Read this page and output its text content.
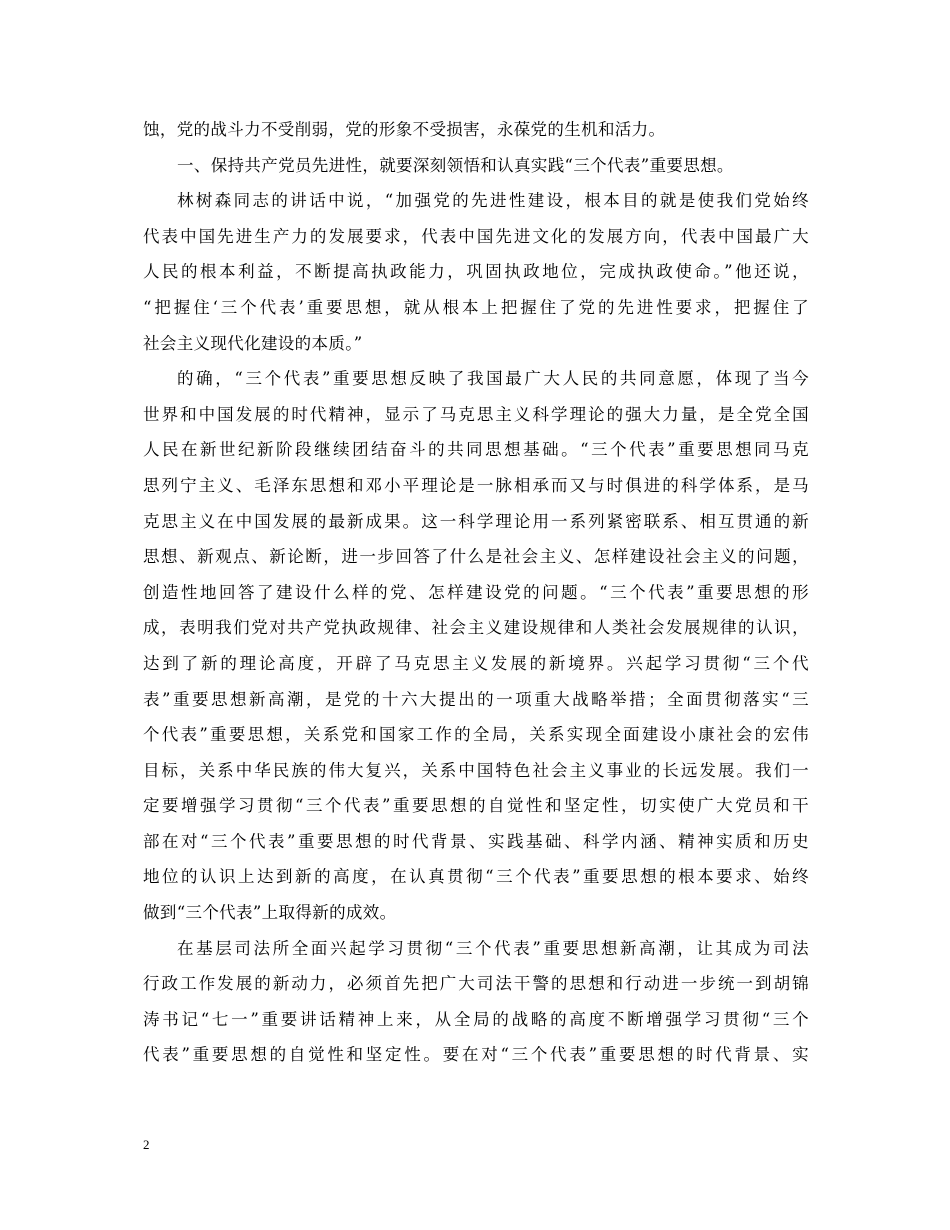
蚀，党的战斗力不受削弱，党的形象不受损害，永葆党的生机和活力。
一、保持共产党员先进性，就要深刻领悟和认真实践“三个代表”重要思想。
林树森同志的讲话中说，“加强党的先进性建设，根本目的就是使我们党始终
代表中国先进生产力的发展要求，代表中国先进文化的发展方向，代表中国最广大
人民的根本利益，不断提高执政能力，巩固执政地位，完成执政使命。”他还说，
“把握住‘三个代表’重要思想，就从根本上把握住了党的先进性要求，把握住了
社会主义现代化建设的本质。”
的确，“三个代表”重要思想反映了我国最广大人民的共同意愿，体现了当今
世界和中国发展的时代精神，显示了马克思主义科学理论的强大力量，是全党全国
人民在新世纪新阶段继续团结奋斗的共同思想基础。“三个代表”重要思想同马克
思列宁主义、毛泽东思想和邓小平理论是一脉相承而又与时俱进的科学体系，是马
克思主义在中国发展的最新成果。这一科学理论用一系列紧密联系、相互贯通的新
思想、新观点、新论断，进一步回答了什么是社会主义、怎样建设社会主义的问题，
创造性地回答了建设什么样的党、怎样建设党的问题。“三个代表”重要思想的形
成，表明我们党对共产党执政规律、社会主义建设规律和人类社会发展规律的认识，
达到了新的理论高度，开辟了马克思主义发展的新境界。兴起学习贯彻“三个代
表”重要思想新高潮，是党的十六大提出的一项重大战略举措；全面贯彻落实“三
个代表”重要思想，关系党和国家工作的全局，关系实现全面建设小康社会的宏伟
目标，关系中华民族的伟大复兴，关系中国特色社会主义事业的长远发展。我们一
定要增强学习贯彻“三个代表”重要思想的自觉性和坚定性，切实使广大党员和干
部在对“三个代表”重要思想的时代背景、实践基础、科学内涵、精神实质和历史
地位的认识上达到新的高度，在认真贯彻“三个代表”重要思想的根本要求、始终
做到“三个代表”上取得新的成效。
在基层司法所全面兴起学习贯彻“三个代表”重要思想新高潮，让其成为司法
行政工作发展的新动力，必须首先把广大司法干警的思想和行动进一步统一到胡锦
涛书记“七一”重要讲话精神上来，从全局的战略的高度不断增强学习贯彻“三个
代表”重要思想的自觉性和坚定性。要在对“三个代表”重要思想的时代背景、实
2
